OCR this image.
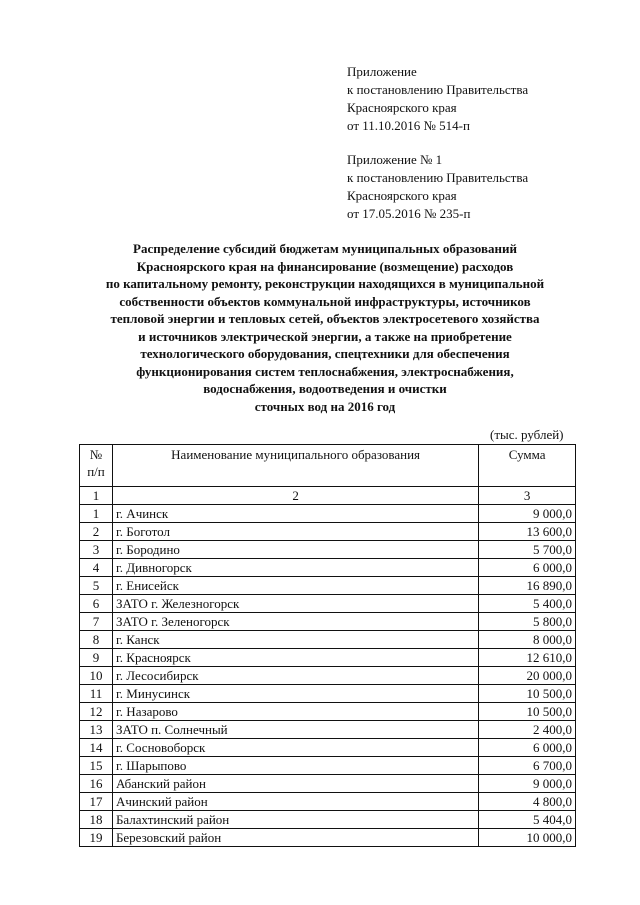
Приложение
к постановлению Правительства
Красноярского края
от 11.10.2016 № 514-п
Приложение № 1
к постановлению Правительства
Красноярского края
от 17.05.2016 № 235-п
Распределение субсидий бюджетам муниципальных образований
Красноярского края на финансирование (возмещение) расходов
по капитальному ремонту, реконструкции находящихся в муниципальной
собственности объектов коммунальной инфраструктуры, источников
тепловой энергии и тепловых сетей, объектов электросетевого хозяйства
и источников электрической энергии, а также на приобретение
технологического оборудования, спецтехники для обеспечения
функционирования систем теплоснабжения, электроснабжения,
водоснабжения, водоотведения и очистки
сточных вод на 2016 год
(тыс. рублей)
№
п/п	Наименование муниципального образования	Сумма
1	2	3
1	г. Ачинск	9 000,0
2	г. Боготол	13 600,0
3	г. Бородино	5 700,0
4	г. Дивногорск	6 000,0
5	г. Енисейск	16 890,0
6	ЗАТО г. Железногорск	5 400,0
7	ЗАТО г. Зеленогорск	5 800,0
8	г. Канск	8 000,0
9	г. Красноярск	12 610,0
10	г. Лесосибирск	20 000,0
11	г. Минусинск	10 500,0
12	г. Назарово	10 500,0
13	ЗАТО п. Солнечный	2 400,0
14	г. Сосновоборск	6 000,0
15	г. Шарыпово	6 700,0
16	Абанский район	9 000,0
17	Ачинский район	4 800,0
18	Балахтинский район	5 404,0
19	Березовский район	10 000,0
